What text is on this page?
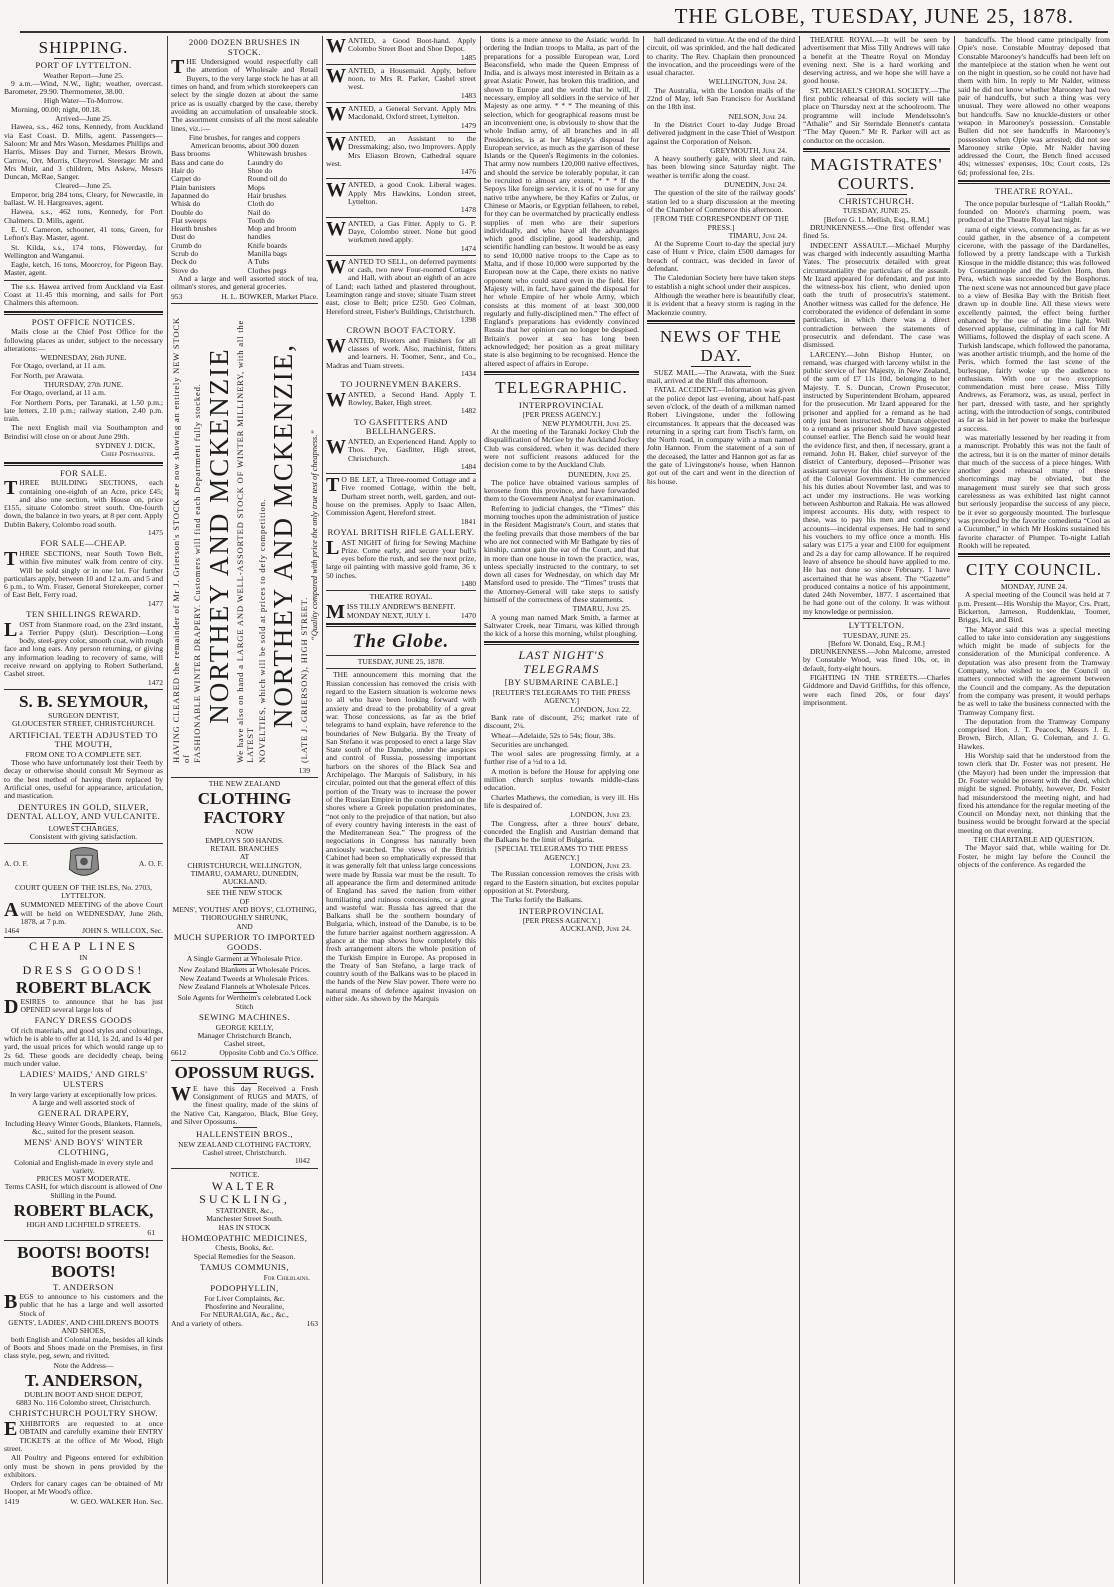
THE GLOBE, TUESDAY, JUNE 25, 1878.
SHIPPING.
PORT OF LYTTELTON.
Weather Report—June 25.
9 a.m.—Wind, N.W., light; weather, overcast. Barometer, 29.90. Thermometer, 38.00.
High Water—To-Morrow.
Morning, 00.00; night, 00.18.
Arrived—June 25.
Hawea, s.s., 462 tons, Kennedy, from Auckland via East Coast. D. Mills, agent. Passengers—Saloon: Mr and Mrs Wason, Mesdames Phillips and Harris, Misses Day and Turner, Messrs Brown, Carrow, Orr, Morris, Cheyrowl. Steerage: Mr and Mrs Muir, and 3 children, Mrs Askew, Messrs Duncan, McRae, Sanger.
Cleared—June 25.
Emperor, brig 284 tons, Cleary, for Newcastle, in ballast. W. H. Hargreaves, agent.
Hawea, s.s., 462 tons, Kennedy, for Port Chalmers. D. Mills, agent.
E. U. Cameron, schooner, 41 tons, Green, for Lefton's Bay. Master, agent.
St. Kilda, s.s., 174 tons, Flowerday, for Wellington and Wanganui.
Eagle, ketch, 16 tons, Moorcroy, for Pigeon Bay. Master, agent.
The s.s. Hawea arrived from Auckland via East Coast at 11.45 this morning, and sails for Port Chalmers this afternoon.
POST OFFICE NOTICES.
Mails close at the Chief Post Office for the following places as under, subject to the necessary alterations:—
WEDNESDAY, 26th JUNE.
For Otago, overland, at 11 a.m.
For North, per Arawata.
THURSDAY, 27th JUNE.
For Otago, overland, at 11 a.m.
For Northern Ports, per Taranaki, at 1.50 p.m.; late letters, 2.10 p.m.; railway station, 2.40 p.m. train.
The next English mail via Southampton and Brindisi will close on or about June 29th.
SYDNEY J. DICK,
Chief Postmaster.
FOR SALE.
THREE BUILDING SECTIONS, each containing one-eighth of an Acre, price £45; and also one section, with House on, price £155, situate Colombo street south. One-fourth down, the balance in two years, at 8 per cent. Apply Dublin Bakery, Colombo road south.
1475
FOR SALE—CHEAP.
THREE SECTIONS, near South Town Belt, within five minutes' walk from centre of city. Will be sold singly or in one lot. For further particulars apply, between 10 and 12 a.m. and 5 and 6 p.m., to Wm. Fraser, General Storekeeper, corner of East Belt, Ferry road.
1477
TEN SHILLINGS REWARD.
LOST from Stanmore road, on the 23rd instant, a Terrier Puppy (slut). Description—Long body, steel-grey color, smooth coat, with rough face and long ears. Any person returning, or giving any information leading to recovery of same, will receive reward on applying to Robert Sutherland, Cashel street.
1472
S. B. SEYMOUR,
SURGEON DENTIST,
GLOUCESTER STREET, CHRISTCHURCH.
ARTIFICIAL TEETH ADJUSTED TO THE MOUTH,
FROM ONE TO A COMPLETE SET.
Those who have unfortunately lost their Teeth by decay or otherwise should consult Mr Seymour as to the best method of having them replaced by Artificial ones, useful for appearance, articulation, and mastication.
DENTURES IN GOLD, SILVER, DENTAL ALLOY, AND VULCANITE.
LOWEST CHARGES,
Consistent with giving satisfaction.
A. O. F.	A. O. F.
COURT QUEEN OF THE ISLES, No. 2703, LYTTELTON.
ASUMMONED MEETING of the above Court will be held on WEDNESDAY, June 26th, 1878, at 7 p.m.
1464	JOHN S. WILLCOX, Sec.
CHEAP LINES
IN
DRESS GOODS!
ROBERT BLACK
DESIRES to announce that he has just OPENED several large lots of
FANCY DRESS GOODS
Of rich materials, and good styles and colourings, which he is able to offer at 11d, 1s 2d, and 1s 4d per yard, the usual prices for which would range up to 2s 6d. These goods are decidedly cheap, being much under value.
LADIES' MAIDS,' AND GIRLS' ULSTERS
In very large variety at exceptionally low prices.
A large and well assorted stock of
GENERAL DRAPERY,
Including Heavy Winter Goods, Blankets, Flannels, &c., suited for the present season.
MENS' AND BOYS' WINTER CLOTHING,
Colonial and English-made in every style and variety.
PRICES MOST MODERATE.
Terms CASH, for which discount is allowed of One Shilling in the Pound.
ROBERT BLACK,
HIGH AND LICHFIELD STREETS.
61
BOOTS! BOOTS! BOOTS!
T. ANDERSON
BEGS to announce to his customers and the public that he has a large and well assorted Stock of
GENTS', LADIES', AND CHILDREN'S BOOTS AND SHOES,
both English and Colonial made, besides all kinds of Boots and Shoes made on the Premises, in first class style, peg, sewn, and rivitted.
Note the Address—
T. ANDERSON,
DUBLIN BOOT AND SHOE DEPOT,
6883 No. 116 Colombo street, Christchurch.
CHRISTCHURCH POULTRY SHOW.
EXHIBITORS are requested to at once OBTAIN and carefully examine their ENTRY TICKETS at the office of Mr Wood, High street.
All Poultry and Pigeons entered for exhibition only must be shown in pens provided by the exhibitors.
Orders for canary cages can be obtained of Mr Hooper, at Mr Wood's office.
1419	W. GEO. WALKER Hon. Sec.
2000 DOZEN BRUSHES IN STOCK.
THE Undersigned would respectfully call the attention of Wholesale and Retail Buyers, to the very large stock he has at all times on hand, and from which storekeepers can select by the single dozen at about the same price as is usually charged by the case, thereby avoiding an accumulation of unsaleable stock. The assortment consists of all the most saleable lines, viz.:—
Fine brushes, for ranges and coppers
American brooms, about 300 dozen
Bass brooms
Bass and cane do
Hair do
Carpet do
Plain banisters
Japanned do
Whisk do
Double do
Flat sweeps
Hearth brushes
Dust do
Crumb do
Scrub do
Deck do
Stove do
Whitewash brushes
Laundry do
Shoe do
Round oil do
Mops
Hair brushes
Cloth do
Nail do
Tooth do
Mop and broom handles
Knife boards
Manilla bags
A Tubs
Clothes pegs
And a large and well assorted stock of tea, oilman's stores, and general groceries.
953	H. L. BOWKER, Market Place.
HAVING CLEARED the remainder of Mr J. Grierson's STOCK are now showing an entirely NEW STOCK of FASHIONABLE WINTER DRAPERY. Customers will find each Department fully stocked. NORTHEY AND MCKENZIE We have also on hand a LARGE AND WELL-ASSORTED STOCK OF WINTER MILLINERY, with all the LATEST NOVELTIES, which will be sold at prices to defy competition. NORTHEY AND MCKENZIE, (LATE J. GRIERSON), HIGH STREET.
“Quality compared with price the only true test of cheapness.”
139
THE NEW ZEALAND
CLOTHING FACTORY
NOW
EMPLOYS 500 HANDS.
RETAIL BRANCHES
AT
CHRISTCHURCH, WELLINGTON, TIMARU, OAMARU, DUNEDIN, AUCKLAND.
SEE THE NEW STOCK
OF
MENS', YOUTHS' AND BOYS', CLOTHING,
THOROUGHLY SHRUNK,
AND
MUCH SUPERIOR TO IMPORTED GOODS.
A Single Garment at Wholesale Price.
New Zealand Blankets at Wholesale Prices.
New Zealand Tweeds at Wholesale Prices.
New Zealand Flannels at Wholesale Prices.
Sole Agents for Wertheim's celebrated Lock Stitch
SEWING MACHINES.
GEORGE KELLY,
Manager Christchurch Branch,
Cashel street,
6612	Opposite Cobb and Co.'s Office.
OPOSSUM RUGS.
WE have this day Received a Fresh Consignment of RUGS and MATS, of the finest quality, made of the skins of the Native Cat, Kangaroo, Black, Blue Grey, and Silver Opossums.
HALLENSTEIN BROS.,
NEW ZEALAND CLOTHING FACTORY,
Cashel street, Christchurch.
1042
NOTICE.
WALTER SUCKLING,
STATIONER, &c.,
Manchester Street South.
HAS IN STOCK
HOMŒOPATHIC MEDICINES,
Chests, Books, &c.
Special Remedies for the Season.
TAMUS COMMUNIS,
For Chilblains.
PODOPHYLLIN,
For Liver Complaints, &c.
Phosferine and Neuraline,
For NEURALGIA, &c., &c.,
And a variety of others.	163
WANTED, a Good Boot-hand. Apply Colombo Street Boot and Shoe Depot.
1485
WANTED, a Housemaid. Apply, before noon, to Mrs R. Parker, Cashel street west.
1483
WANTED, a General Servant. Apply Mrs Macdonald, Oxford street, Lyttelton.
1479
WANTED, an Assistant to the Dressmaking; also, two Improvers. Apply Mrs Eliason Brown, Cathedral square west.
1476
WANTED, a good Cook. Liberal wages. Apply Mrs Hawkins, London street, Lyttelton.
1478
WANTED, a Gas Fitter. Apply to G. P. Daye, Colombo street. None but good workmen need apply.
1474
WANTED TO SELL, on deferred payments or cash, two new Four-roomed Cottages and Hall, with about an eighth of an acre of Land; each lathed and plastered throughout, Leamington range and stove; situate Tuam street east, close to Belt; price £250. Geo Colman, Hereford street, Fisher's Buildings, Christchurch.
1398
CROWN BOOT FACTORY.
WANTED, Riveters and Finishers for all classes of work. Also, machinist, fitters and learners. H. Toomer, Senr., and Co., Madras and Tuam streets.
1434
TO JOURNEYMEN BAKERS.
WANTED, a Second Hand. Apply T. Rowley, Baker, High street.
1482
TO GASFITTERS AND BELLHANGERS.
WANTED, an Experienced Hand. Apply to Thos. Pye, Gasfitter, High street, Christchurch.
1484
TO BE LET, a Three-roomed Cottage and a Five roomed Cottage, within the belt, Durham street north, well, garden, and out-house on the premises. Apply to Isaac Allen, Commission Agent, Hereford street.
1841
ROYAL BRITISH RIFLE GALLERY.
LAST NIGHT of firing for Sewing Machine Prize. Come early, and secure your bull's eyes before the rush, and see the next prize, large oil painting with massive gold frame, 36 x 50 inches.
1480
THEATRE ROYAL.
MISS TILLY ANDREW'S BENEFIT.
MONDAY NEXT, JULY 1.	1470
The Globe.
TUESDAY, JUNE 25, 1878.
THE announcement this morning that the Russian concession has removed the crisis with regard to the Eastern situation is welcome news to all who have been looking forward with anxiety and dread to the probability of a great war. Those concessions, as far as the brief telegrams to hand explain, have reference to the boundaries of New Bulgaria. By the Treaty of San Stefano it was proposed to erect a large Slav State south of the Danube, under the auspices and control of Russia, possessing important harbors on the shores of the Black Sea and Archipelago. The Marquis of Salisbury, in his circular, pointed out that the general effect of this portion of the Treaty was to increase the power of the Russian Empire in the countries and on the shores where a Greek population predominates, “not only to the prejudice of that nation, but also of every country having interests in the east of the Mediterranean Sea.” The progress of the negociations in Congress has naturally been anxiously watched. The views of the British Cabinet had been so emphatically expressed that it was generally felt that unless large concessions were made by Russia war must be the result. To all appearance the firm and determined attitude of England has saved the nation from either humiliating and ruinous concessions, or a great and wasteful war. Russia has agreed that the Balkans shall be the southern boundary of Bulgaria, which, instead of the Danube, is to be the future barrier against northern aggression. A glance at the map shows how completely this fresh arrangement alters the whole position of the Turkish Empire in Europe. As proposed in the Treaty of San Stefano, a large track of country south of the Balkans was to be placed in the hands of the New Slav power. There were no natural means of defence against invasion on either side. As shown by the Marquis
tions is a mere annexe to the Asiatic world. In ordering the Indian troops to Malta, as part of the preparations for a possible European war, Lord Beaconsfield, who made the Queen Empress of India, and is always most interested in Britain as a great Asiatic Power, has broken this tradition, and shown to Europe and the world that he will, if necessary, employ all soldiers in the service of her Majesty as one army. * * * The meaning of this selection, which for geographical reasons must be an inconvenient one, is obviously to show that the whole Indian army, of all branches and in all Presidencies, is at her Majesty's disposal for European service, as much as the garrison of these Islands or the Queen's Regiments in the colonies. That army now numbers 120,000 native effectives, and should the service be tolerably popular, it can be recruited to almost any extent. * * * If the Sepoys like foreign service, it is of no use for any native tribe anywhere, be they Kafirs or Zulus, or Chinese or Maoris, or Egyptian fellaheen, to rebel, for they can be overmatched by practically endless supplies of men who are their superiors individually, and who have all the advantages which good discipline, good leadership, and scientific handling can bestow. It would be as easy to send 10,000 native troops to the Cape as to Malta, and if those 10,000 were supported by the European now at the Cape, there exists no native opponent who could stand even in the field. Her Majesty will, in fact, have gained the disposal for her whole Empire of her whole Army, which consists at this moment of at least 300,000 regularly and fully-disciplined men.” The effect of England's preparations has evidently convinced Russia that her opinion can no longer be despised. Britain's power at sea has long been acknowledged; her position as a great military state is also beginning to be recognised. Hence the altered aspect of affairs in Europe.
TELEGRAPHIC.
INTERPROVINCIAL
[PER PRESS AGENCY.]
NEW PLYMOUTH, June 25.
At the meeting of the Taranaki Jockey Club the disqualification of McGee by the Auckland Jockey Club was considered, when it was decided there were not sufficient reasons adduced for the decision come to by the Auckland Club.
DUNEDIN, June 25.
The police have obtained various samples of kerosene from this province, and have forwarded them to the Government Analyst for examination.
Referring to judicial changes, the “Times” this morning touches upon the administration of justice in the Resident Magistrate's Court, and states that the feeling prevails that those members of the bar who are not connected with Mr Bathgate by ties of kinship, cannot gain the ear of the Court, and that in more than one house in town the practice, was, unless specially instructed to the contrary, to set down all cases for Wednesday, on which day Mr Mansford used to preside. The “Times” trusts that the Attorney-General will take steps to satisfy himself of the correctness of these statements.
TIMARU, June 25.
A young man named Mark Smith, a farmer at Saltwater Creek, near Timaru, was killed through the kick of a horse this morning, whilst ploughing.
LAST NIGHT'S TELEGRAMS
[BY SUBMARINE CABLE.]
[REUTER'S TELEGRAMS TO THE PRESS AGENCY.]
LONDON, June 22.
Bank rate of discount, 2½; market rate of discount, 2¼.
Wheat—Adelaide, 52s to 54s; flour, 38s.
Securities are unchanged.
The wool sales are progressing firmly, at a further rise of a ½d to a 1d.
A motion is before the House for applying one million church surplus towards middle-class education.
Charles Mathews, the comedian, is very ill. His life is despaired of.
LONDON, June 23.
The Congress, after a three hours' debate, conceded the English and Austrian demand that the Balkans be the limit of Bulgaria.
[SPECIAL TELEGRAMS TO THE PRESS AGENCY.]
LONDON, June 23.
The Russian concession removes the crisis with regard to the Eastern situation, but excites popular opposition at St. Petersburg.
The Turks fortify the Balkans.
INTERPROVINCIAL
[PER PRESS AGENCY.]
AUCKLAND, June 24.
hall dedicated to virtue. At the end of the third circuit, oil was sprinkled, and the hall dedicated to charity. The Rev. Chaplain then pronounced the invocation, and the proceedings were of the usual character.
WELLINGTON, June 24.
The Australia, with the London mails of the 22nd of May, left San Francisco for Auckland on the 18th inst.
NELSON, June 24.
In the District Court to-day Judge Broad delivered judgment in the case Thiel of Westport against the Corporation of Nelson.
GREYMOUTH, June 24.
A heavy southerly gale, with sleet and rain, has been blowing since Saturday night. The weather is terrific along the coast.
DUNEDIN, June 24.
The question of the site of the railway goods' station led to a sharp discussion at the meeting of the Chamber of Commerce this afternoon.
[FROM THE CORRESPONDENT OF THE PRESS.]
TIMARU, June 24.
At the Supreme Court to-day the special jury case of Hunt v Price, claim £500 damages for breach of contract, was decided in favor of defendant.
The Caledonian Society here have taken steps to establish a night school under their auspices.
Although the weather here is beautifully clear, it is evident that a heavy storm is raging in the Mackenzie country.
NEWS OF THE DAY.
SUEZ MAIL.—The Arawata, with the Suez mail, arrived at the Bluff this afternoon.
FATAL ACCIDENT.—Information was given at the police depot last evening, about half-past seven o'clock, of the death of a milkman named Robert Livingstone, under the following circumstances. It appears that the deceased was returning in a spring cart from Tisch's farm, on the North road, in company with a man named John Hannon. From the statement of a son of the deceased, the latter and Hannon got as far as the gate of Livingstone's house, when Hannon got out of the cart and went in the direction of his house.
THEATRE ROYAL.—It will be seen by advertisement that Miss Tilly Andrews will take a benefit at the Theatre Royal on Monday evening next. She is a hard working and deserving actress, and we hope she will have a good house.
ST. MICHAEL'S CHORAL SOCIETY.—The first public rehearsal of this society will take place on Thursday next at the schoolroom. The programme will include Mendelssohn's “Athalie” and Sir Sterndale Bennett's cantata “The May Queen.” Mr R. Parker will act as conductor on the occasion.
MAGISTRATES' COURTS.
CHRISTCHURCH.
TUESDAY, JUNE 25.
[Before G. L. Mellish, Esq., R.M.]
DRUNKENNESS.—One first offender was fined 5s.
INDECENT ASSAULT.—Michael Murphy was charged with indecently assaulting Martha Yates. The prosecutrix detailed with great circumstantiality the particulars of the assault. Mr Izard appeared for defendant, and put into the witness-box his client, who denied upon oath the truth of prosecutrix's statement. Another witness was called for the defence. He corroborated the evidence of defendant in some particulars, in which there was a direct contradiction between the statements of prosecutrix and defendant. The case was dismissed.
LARCENY.—John Bishop Hunter, on remand, was charged with larceny whilst in the public service of her Majesty, in New Zealand, of the sum of £7 11s 10d, belonging to her Majesty. T. S. Duncan, Crown Prosecutor, instructed by Superintendent Broham, appeared for the prosecution. Mr Izard appeared for the prisoner and applied for a remand as he had only just been instructed. Mr Duncan objected to a remand as prisoner should have suggested counsel earlier. The Bench said he would hear the evidence first, and then, if necessary, grant a remand. John H. Baker, chief surveyor of the district of Canterbury, deposed—Prisoner was assistant surveyor for this district in the service of the Colonial Government. He commenced his his duties about November last, and was to act under my instructions. He was working between Ashburton and Rakaia. He was allowed imprest accounts. His duty, with respect to these, was to pay his men and contingency accounts—incidental expenses. He had to send his vouchers to my office once a month. His salary was £175 a year and £100 for equipment and 2s a day for camp allowance. If he required leave of absence he should have applied to me. He has not done so since February. I have ascertained that he was absent. The “Gazette” produced contains a notice of his appointment, dated 24th November, 1877. I ascertained that he had gone out of the colony. It was without my knowledge or permission.
LYTTELTON.
TUESDAY, JUNE 25.
[Before W. Donald, Esq., R.M.]
DRUNKENNESS.—John Malcome, arrested by Constable Wood, was fined 10s, or, in default, forty-eight hours.
FIGHTING IN THE STREETS.—Charles Giddmore and David Griffiths, for this offence, were each fined 20s, or four days' imprisonment.
handcuffs. The blood came principally from Opie's nose. Constable Moutray deposed that Constable Marooney's handcuffs had been left on the mantelpiece at the station when he went out on the night in question, so he could not have had them with him. In reply to Mr Nalder, witness said he did not know whether Marooney had two pair of handcuffs, but such a thing was very unusual. They were allowed no other weapons but handcuffs. Saw no knuckle-dusters or other weapon in Marooney's possession. Constable Bullen did not see handcuffs in Marooney's possession when Opie was arrested; did not see Marooney strike Opie. Mr Nalder having addressed the Court, the Bench fined accused 40s; witnesses' expenses, 10s; Court costs, 12s 6d; professional fee, 21s.
THEATRE ROYAL.
The once popular burlesque of “Lallah Rookh,” founded on Moore's charming poem, was produced at the Theatre Royal last night.
rama of eight views, commencing, as far as we could gather, in the absence of a competent cicerone, with the passage of the Dardanelles, followed by a pretty landscape with a Turkish Kiosque in the middle distance; this was followed by Constantinople and the Golden Horn, then Pera, which was succeeded by the Bosphorus. The next scene was not announced but gave place to a view of Besika Bay with the British fleet drawn up in double line. All these views were excellently painted, the effect being further enhanced by the use of the lime light. Well deserved applause, culminating in a call for Mr Williams, followed the display of each scene. A Turkish landscape, which followed the panorama, was another artistic triumph, and the home of the Peris, which formed the last scene of the burlesque, fairly woke up the audience to enthusiasm. With one or two exceptions commendation must here cease. Miss Tilly Andrews, as Feramorz, was, as usual, perfect in her part, dressed with taste, and her sprightly acting, with the introduction of songs, contributed as far as laid in her power to make the burlesque a success.
was materially lessened by her reading it from a manuscript. Probably this was not the fault of the actress, but it is on the matter of minor details that much of the success of a piece hinges. With another good rehearsal many of these shortcomings may be obviated, but the management must surely see that such gross carelessness as was exhibited last night cannot but seriously jeopardise the success of any piece, be it ever so gorgeously mounted. The burlesque was preceded by the favorite comedietta “Cool as a Cucumber,” in which Mr Hoskins sustained his favorite character of Plumper. To-night Lallah Rookh will be repeated.
CITY COUNCIL.
MONDAY, JUNE 24.
A special meeting of the Council was held at 7 p.m. Present—His Worship the Mayor, Crs. Pratt, Bickerton, Jameson, Ruddenklau, Toomer, Briggs, Ick, and Bird.
The Mayor said this was a special meeting called to take into consideration any suggestions which might be made of subjects for the consideration of the Municipal conference. A deputation was also present from the Tramway Company, who wished to see the Council on matters connected with the agreement between the Council and the company. As the deputation from the company was present, it would perhaps be as well to take the business connected with the Tramway Company first.
The deputation from the Tramway Company comprised Hon. J. T. Peacock, Messrs J. E. Brown, Birch, Allan, G. Coleman, and J. G. Hawkes.
His Worship said that he understood from the town clerk that Dr. Foster was not present. He (the Mayor) had been under the impression that Dr. Foster would be present with the deed, which might be signed. Probably, however, Dr. Foster had misunderstood the meeting night, and had fixed his attendance for the regular meeting of the Council on Monday next, not thinking that the business would be brought forward at the special meeting on that evening.
THE CHARITABLE AID QUESTION.
The Mayor said that, while waiting for Dr. Foster, he might lay before the Council the objects of the conference. As regarded the
